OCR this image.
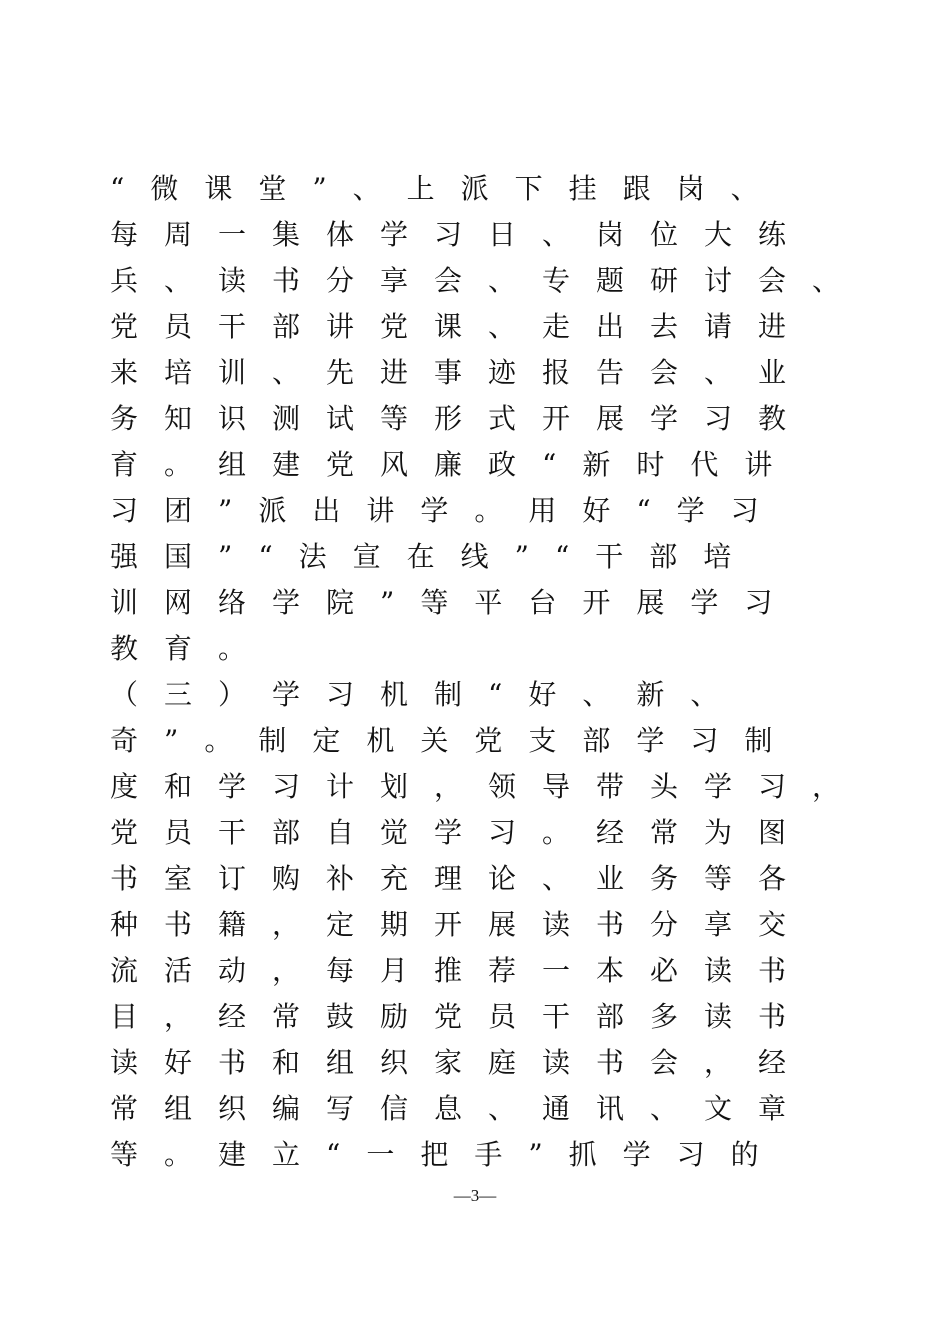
“微课堂”、上派下挂跟岗、
每周一集体学习日、岗位大练
兵、读书分享会、专题研讨会、
党员干部讲党课、走出去请进
来培训、先进事迹报告会、业
务知识测试等形式开展学习教
育。组建党风廉政“新时代讲
习团”派出讲学。用好“学习
强国”“法宣在线”“干部培
训网络学院”等平台开展学习
教育。
（三）学习机制“好、新、
奇”。制定机关党支部学习制
度和学习计划，领导带头学习，
党员干部自觉学习。经常为图
书室订购补充理论、业务等各
种书籍，定期开展读书分享交
流活动，每月推荐一本必读书
目，经常鼓励党员干部多读书
读好书和组织家庭读书会，经
常组织编写信息、通讯、文章
等。建立“一把手”抓学习的
—3—
